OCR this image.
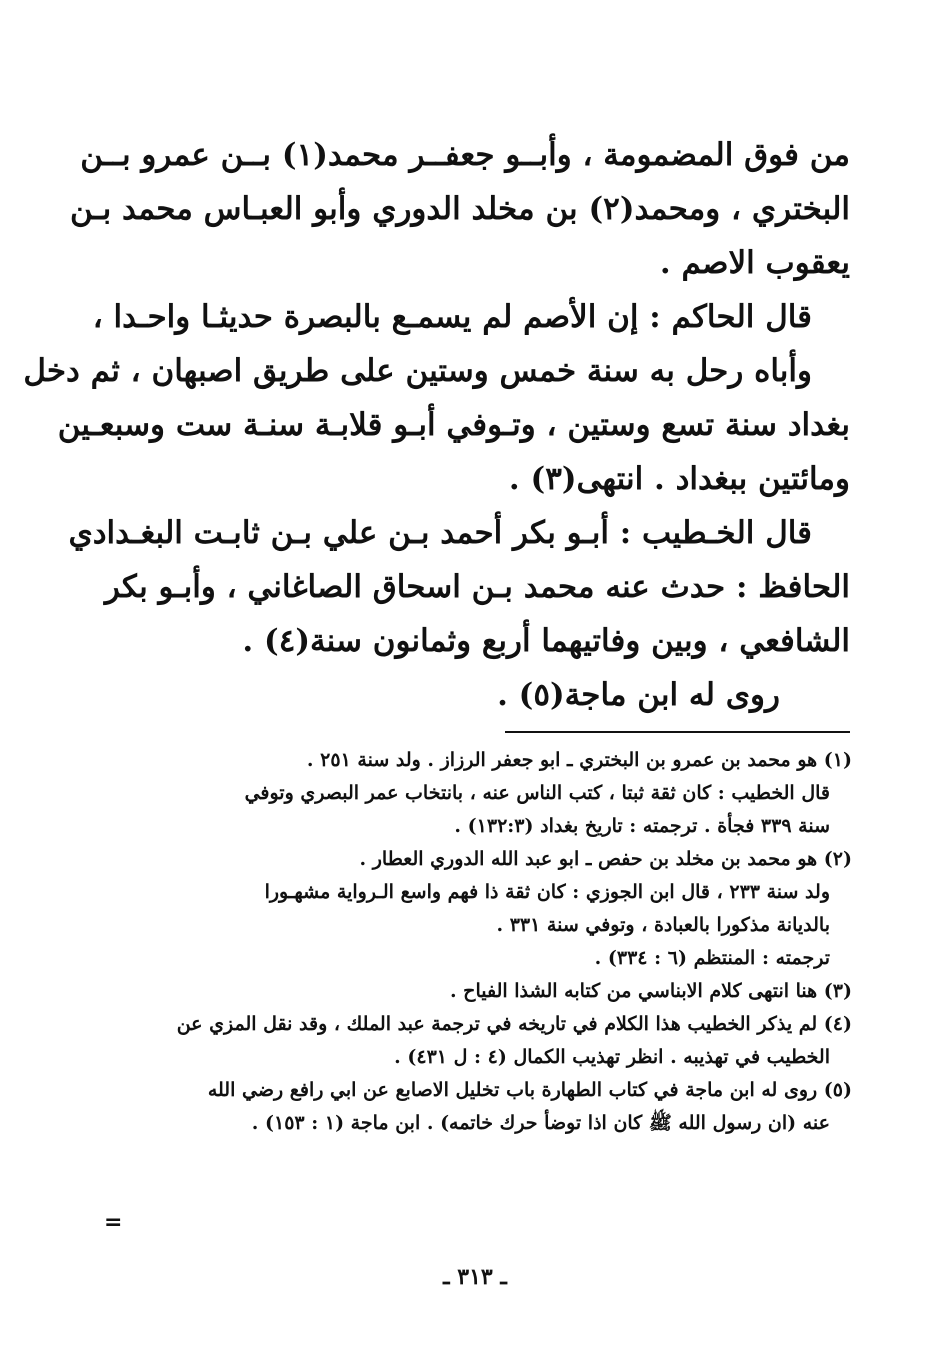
من فوق المضمومة ، وأبــو جعفــر محمد(١) بــن عمرو بــن
البختري ، ومحمد(٢) بن مخلد الدوري وأبو العبـاس محمد بـن
يعقوب الاصم .
قال الحاكم : إن الأصم لم يسمـع بالبصرة حديثـا واحـدا ،
وأباه رحل به سنة خمس وستين على طريق اصبهان ، ثم دخل
بغداد سنة تسع وستين ، وتـوفي أبـو قلابـة سنـة ست وسبعـين
ومائتين ببغداد . انتهى(٣) .
قال الخـطيب : أبـو بكر أحمد بـن علي بـن ثابـت البغـدادي
الحافظ : حدث عنه محمد بـن اسحاق الصاغاني ، وأبـو بكر
الشافعي ، وبين وفاتيهما أربع وثمانون سنة(٤) .
روى له ابن ماجة(٥) .
(١) هو محمد بن عمرو بن البختري ـ ابو جعفر الرزاز . ولد سنة ٢٥١ .
قال الخطيب : كان ثقة ثبتا ، كتب الناس عنه ، بانتخاب عمر البصري وتوفي
سنة ٣٣٩ فجأة . ترجمته : تاريخ بغداد (١٣٢:٣) .
(٢) هو محمد بن مخلد بن حفص ـ ابو عبد الله الدوري العطار .
ولد سنة ٢٣٣ ، قال ابن الجوزي : كان ثقة ذا فهم واسع الـرواية مشهـورا
بالديانة مذكورا بالعبادة ، وتوفي سنة ٣٣١ .
ترجمته : المنتظم (٦ : ٣٣٤) .
(٣) هنا انتهى كلام الابناسي من كتابه الشذا الفياح .
(٤) لم يذكر الخطيب هذا الكلام في تاريخه في ترجمة عبد الملك ، وقد نقل المزي عن
الخطيب في تهذيبه . انظر تهذيب الكمال (٤ : ل ٤٣١) .
(٥) روى له ابن ماجة في كتاب الطهارة باب تخليل الاصابع عن ابي رافع رضي الله
عنه (ان رسول الله ﷺ كان اذا توضأ حرك خاتمه) . ابن ماجة (١ : ١٥٣) .
=
ـ ٣١٣ ـ
